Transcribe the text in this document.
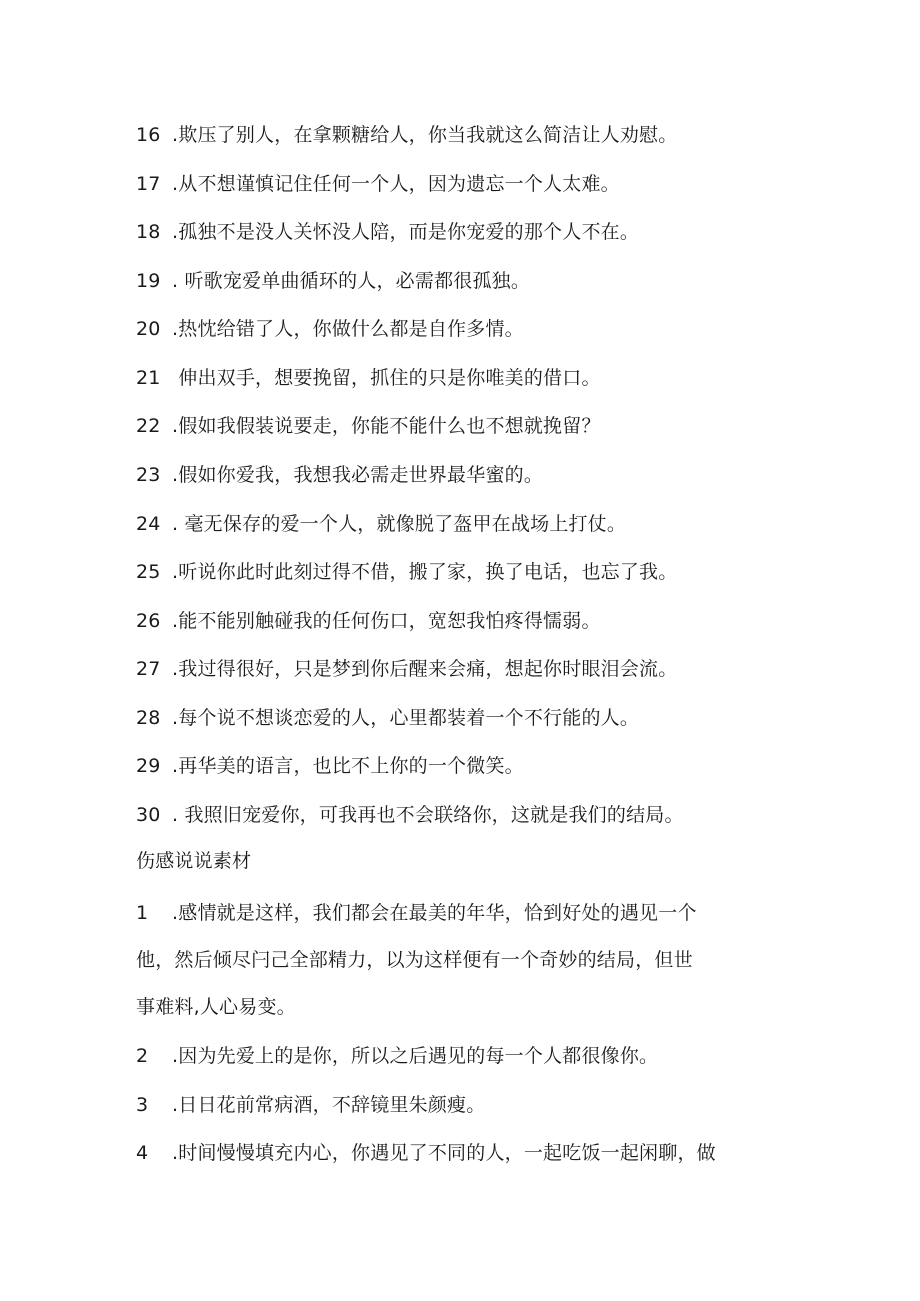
16 .欺压了别人，在拿颗糖给人，你当我就这么简洁让人劝慰。
17 .从不想谨慎记住任何一个人，因为遗忘一个人太难。
18 .孤独不是没人关怀没人陪，而是你宠爱的那个人不在。
19 . 听歌宠爱单曲循环的人，必需都很孤独。
20 .热忱给错了人，你做什么都是自作多情。
21 伸出双手，想要挽留，抓住的只是你唯美的借口。
22 .假如我假装说要走，你能不能什么也不想就挽留？
23 .假如你爱我，我想我必需走世界最华蜜的。
24 . 毫无保存的爱一个人，就像脱了盔甲在战场上打仗。
25 .听说你此时此刻过得不借，搬了家，换了电话，也忘了我。
26 .能不能别触碰我的任何伤口，宽恕我怕疼得懦弱。
27 .我过得很好，只是梦到你后醒来会痛，想起你时眼泪会流。
28 .每个说不想谈恋爱的人，心里都装着一个不行能的人。
29 .再华美的语言，也比不上你的一个微笑。
30 . 我照旧宠爱你，可我再也不会联络你，这就是我们的结局。
伤感说说素材
1 .感情就是这样，我们都会在最美的年华，恰到好处的遇见一个
他，然后倾尽闩己全部精力，以为这样便有一个奇妙的结局，但世
事难料,人心易变。
2 .因为先爱上的是你，所以之后遇见的每一个人都很像你。
3 .日日花前常病酒，不辞镜里朱颜瘦。
4 .时间慢慢填充内心，你遇见了不同的人，一起吃饭一起闲聊，做
